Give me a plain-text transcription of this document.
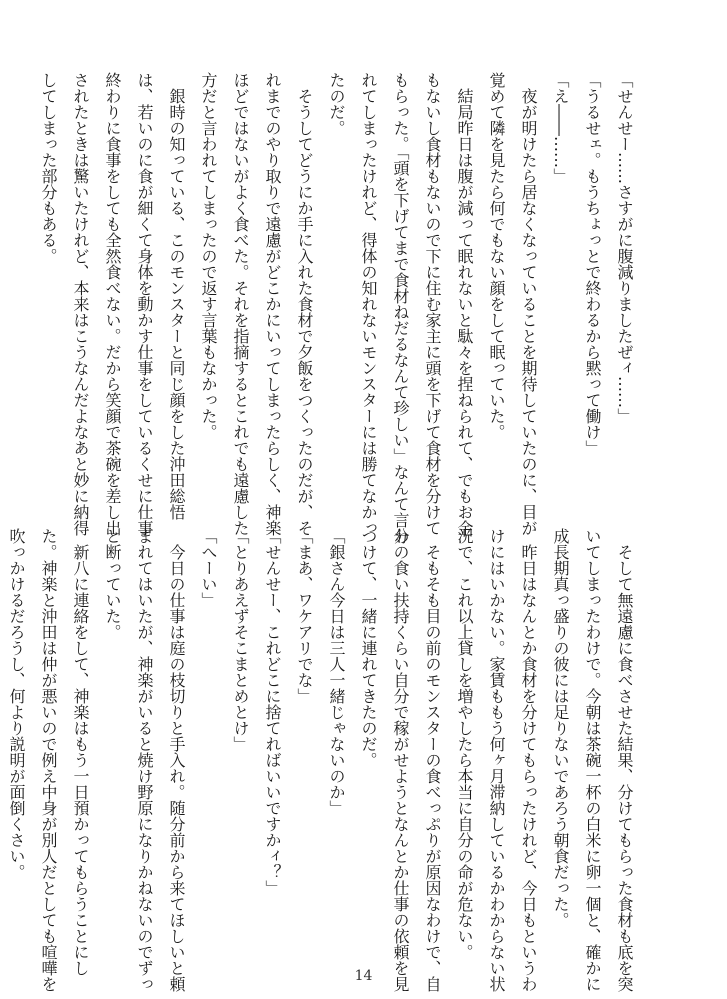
「せんせー……さすがに腹減りましたぜィ……」

「うるせェ。もうちょっとで終わるから黙って働け」

「え――……」

　夜が明けたら居なくなっていることを期待していたのに、目が

覚めて隣を見たら何でもない顔をして眠っていた。

　結局昨日は腹が減って眠れないと駄々を捏ねられて、でもお金

もないし食材もないので下に住む家主に頭を下げて食材を分けて

もらった。「頭を下げてまで食材ねだるなんて珍しい」なんて言わ

れてしまったけれど、得体の知れないモンスターには勝てなかっ

たのだ。

　そうしてどうにか手に入れた食材で夕飯をつくったのだが、そ

れまでのやり取りで遠慮がどこかにいってしまったらしく、神楽

ほどではないがよく食べた。それを指摘するとこれでも遠慮した

方だと言われてしまったので返す言葉もなかった。

　銀時の知っている、このモンスターと同じ顔をした沖田総悟

は、若いのに食が細くて身体を動かす仕事をしているくせに仕事

終わりに食事をしても全然食べない。だから笑顔で茶碗を差し出

されたときは驚いたけれど、本来はこうなんだよなあと妙に納得

してしまった部分もある。

　そして無遠慮に食べさせた結果、分けてもらった食材も底を突

いてしまったわけで。今朝は茶碗一杯の白米に卵一個と、確かに

成長期真っ盛りの彼には足りないであろう朝食だった。

　昨日はなんとか食材を分けてもらったけれど、今日もというわ

けにはいかない。家賃ももう何ヶ月滞納しているかわからない状

況で、これ以上貸しを増やしたら本当に自分の命が危ない。

　そもそも目の前のモンスターの食べっぷりが原因なわけで、自

分の食い扶持くらい自分で稼がせようとなんとか仕事の依頼を見

つけて、一緒に連れてきたのだ。

「銀さん今日は三人一緒じゃないのか」

「まあ、ワケアリでな」

「せんせー、これどこに捨てればいいですかィ？」

「とりあえずそこまとめとけ」

「へーい」

　今日の仕事は庭の枝切りと手入れ。随分前から来てほしいと頼

まれてはいたが、神楽がいると焼け野原になりかねないのでずっ

と断っていた。

　新八に連絡をして、神楽はもう一日預かってもらうことにし

た。神楽と沖田は仲が悪いので例え中身が別人だとしても喧嘩を

吹っかけるだろうし、何より説明が面倒くさい。

14
